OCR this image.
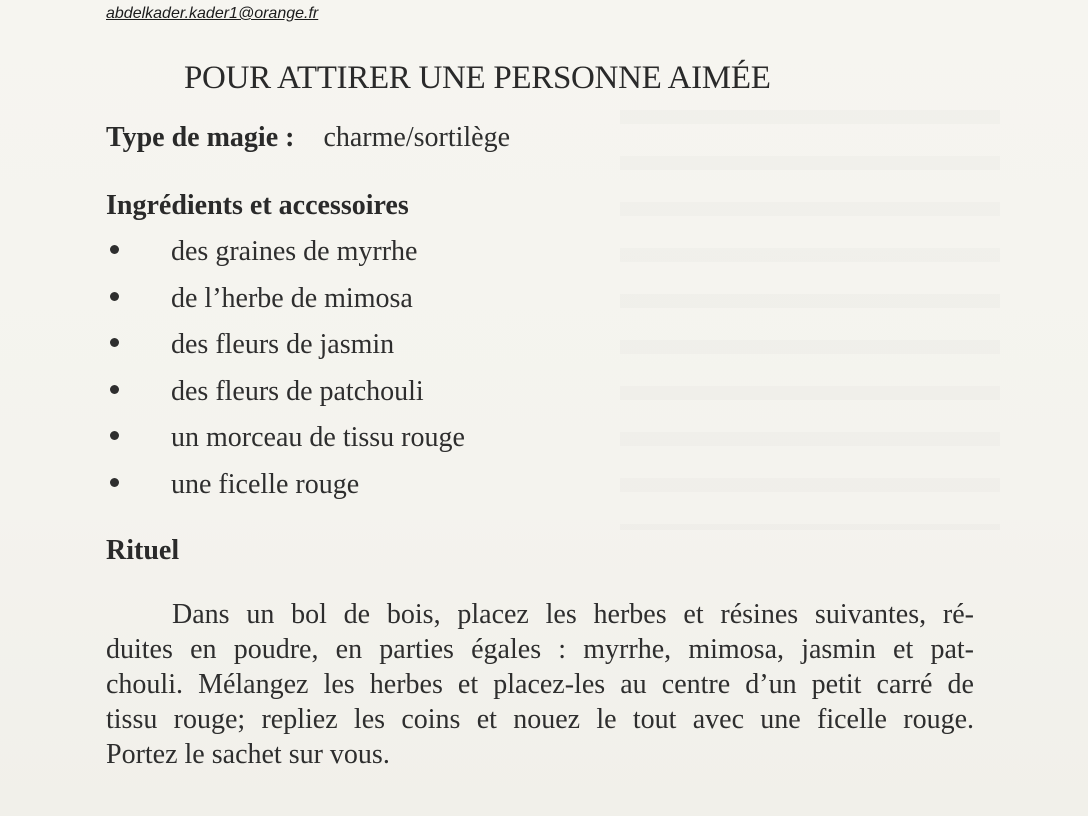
abdelkader.kader1@orange.fr
POUR ATTIRER UNE PERSONNE AIMÉE
Type de magie : charme/sortilège
Ingrédients et accessoires
des graines de myrrhe
de l’herbe de mimosa
des fleurs de jasmin
des fleurs de patchouli
un morceau de tissu rouge
une ficelle rouge
Rituel

Dans un bol de bois, placez les herbes et résines suivantes, ré-
duites en poudre, en parties égales : myrrhe, mimosa, jasmin et pat-
chouli. Mélangez les herbes et placez-les au centre d’un petit carré de
tissu rouge; repliez les coins et nouez le tout avec une ficelle rouge.
Portez le sachet sur vous.
